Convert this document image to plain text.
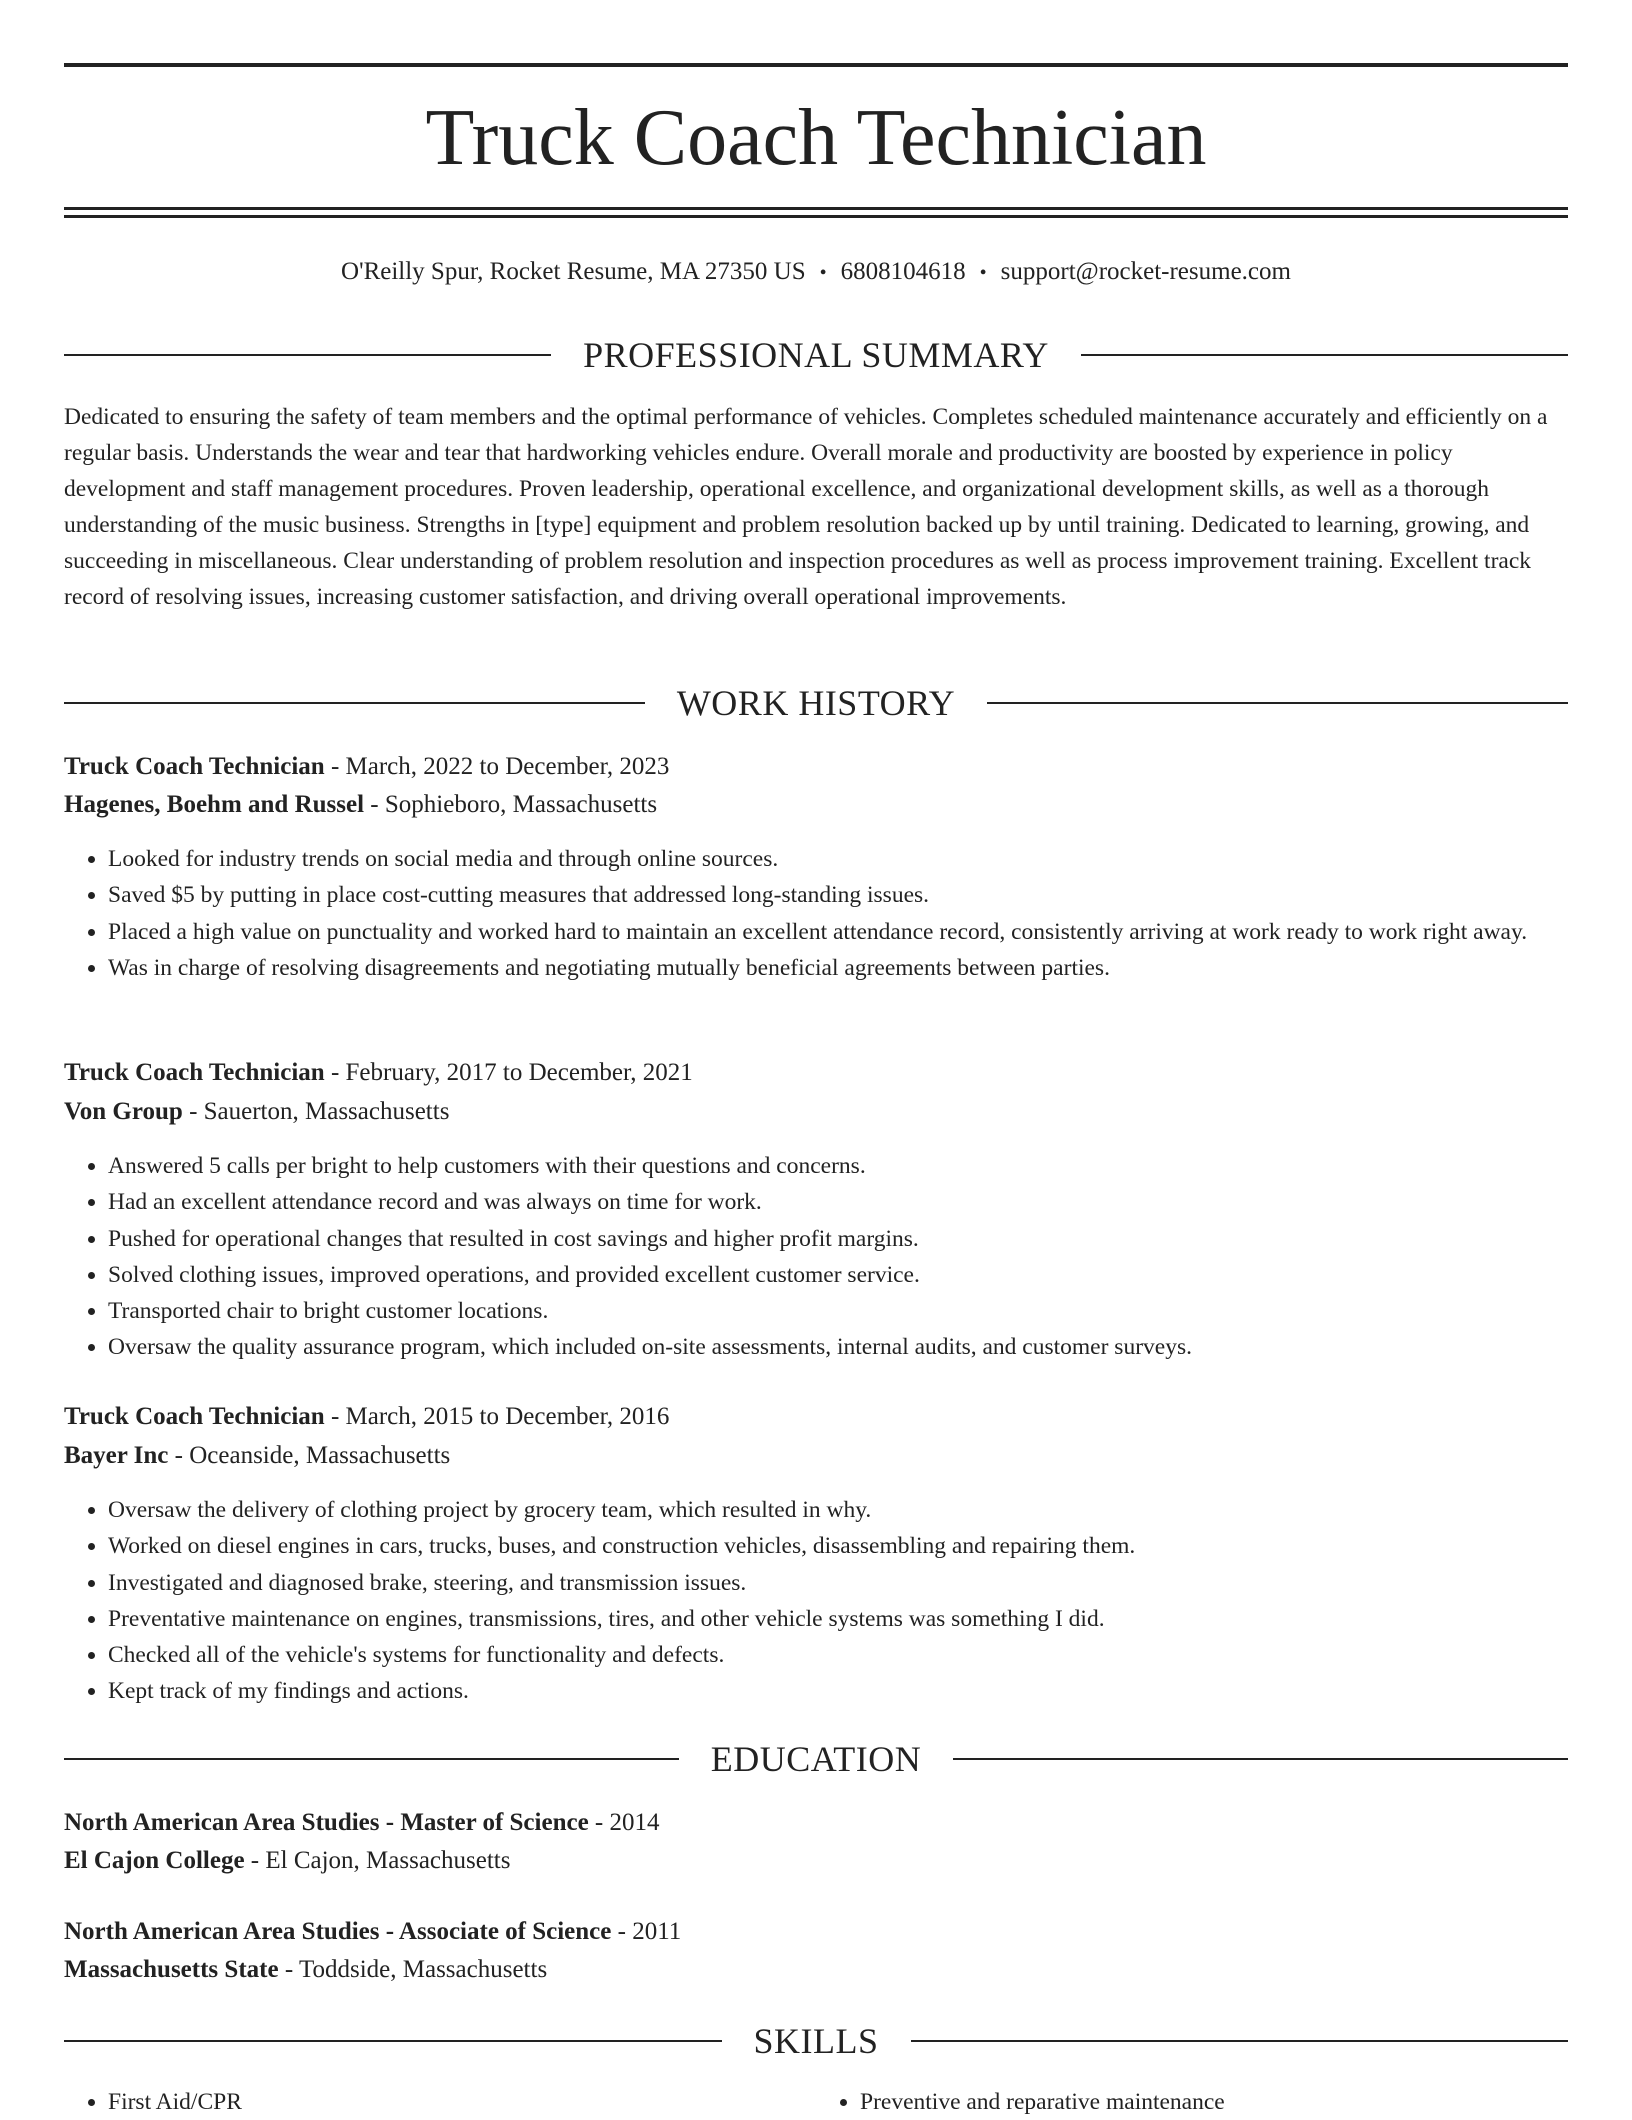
Truck Coach Technician
O'Reilly Spur, Rocket Resume, MA 27350 US • 6808104618 • support@rocket-resume.com
PROFESSIONAL SUMMARY

Dedicated to ensuring the safety of team members and the optimal performance of vehicles. Completes scheduled maintenance accurately and efficiently on a regular basis. Understands the wear and tear that hardworking vehicles endure. Overall morale and productivity are boosted by experience in policy development and staff management procedures. Proven leadership, operational excellence, and organizational development skills, as well as a thorough understanding of the music business. Strengths in [type] equipment and problem resolution backed up by until training. Dedicated to learning, growing, and succeeding in miscellaneous. Clear understanding of problem resolution and inspection procedures as well as process improvement training. Excellent track record of resolving issues, increasing customer satisfaction, and driving overall operational improvements.

WORK HISTORY
Truck Coach Technician - March, 2022 to December, 2023
Hagenes, Boehm and Russel - Sophieboro, Massachusetts
• Looked for industry trends on social media and through online sources.
• Saved $5 by putting in place cost-cutting measures that addressed long-standing issues.
• Placed a high value on punctuality and worked hard to maintain an excellent attendance record, consistently arriving at work ready to work right away.
• Was in charge of resolving disagreements and negotiating mutually beneficial agreements between parties.
Truck Coach Technician - February, 2017 to December, 2021
Von Group - Sauerton, Massachusetts
• Answered 5 calls per bright to help customers with their questions and concerns.
• Had an excellent attendance record and was always on time for work.
• Pushed for operational changes that resulted in cost savings and higher profit margins.
• Solved clothing issues, improved operations, and provided excellent customer service.
• Transported chair to bright customer locations.
• Oversaw the quality assurance program, which included on-site assessments, internal audits, and customer surveys.
Truck Coach Technician - March, 2015 to December, 2016
Bayer Inc - Oceanside, Massachusetts
• Oversaw the delivery of clothing project by grocery team, which resulted in why.
• Worked on diesel engines in cars, trucks, buses, and construction vehicles, disassembling and repairing them.
• Investigated and diagnosed brake, steering, and transmission issues.
• Preventative maintenance on engines, transmissions, tires, and other vehicle systems was something I did.
• Checked all of the vehicle's systems for functionality and defects.
• Kept track of my findings and actions.
EDUCATION
North American Area Studies - Master of Science - 2014
El Cajon College - El Cajon, Massachusetts
North American Area Studies - Associate of Science - 2011
Massachusetts State - Toddside, Massachusetts
SKILLS
• First Aid/CPR
•	Preventive and reparative maintenance
